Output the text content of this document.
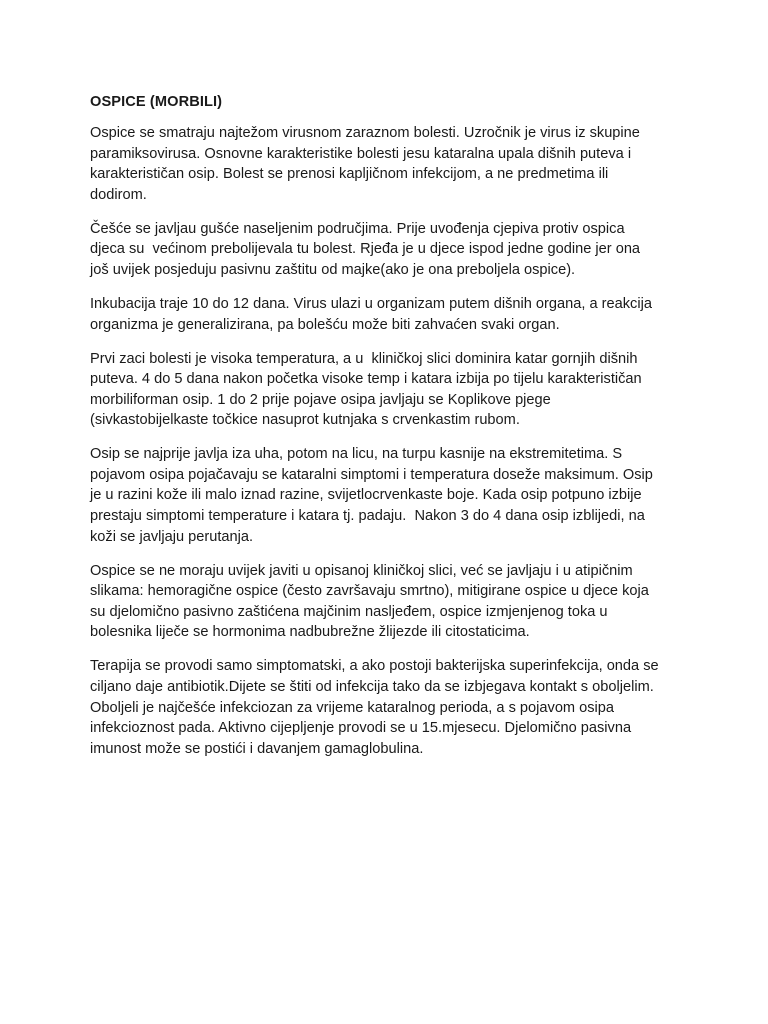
OSPICE (MORBILI)
Ospice se smatraju najtežom virusnom zaraznom bolesti. Uzročnik je virus iz skupine
paramiksovirusa. Osnovne karakteristike bolesti jesu kataralna upala dišnih puteva i
karakterističan osip. Bolest se prenosi kapljičnom infekcijom, a ne predmetima ili
dodirom.
Češće se javljau gušće naseljenim područjima. Prije uvođenja cjepiva protiv ospica
djeca su  većinom prebolijevala tu bolest. Rjeđa je u djece ispod jedne godine jer ona
još uvijek posjeduju pasivnu zaštitu od majke(ako je ona preboljela ospice).
Inkubacija traje 10 do 12 dana. Virus ulazi u organizam putem dišnih organa, a reakcija
organizma je generalizirana, pa bolešću može biti zahvaćen svaki organ.
Prvi zaci bolesti je visoka temperatura, a u  kliničkoj slici dominira katar gornjih dišnih
puteva. 4 do 5 dana nakon početka visoke temp i katara izbija po tijelu karakterističan
morbiliforman osip. 1 do 2 prije pojave osipa javljaju se Koplikove pjege
(sivkastobijelkaste točkice nasuprot kutnjaka s crvenkastim rubom.
Osip se najprije javlja iza uha, potom na licu, na turpu kasnije na ekstremitetima. S
pojavom osipa pojačavaju se kataralni simptomi i temperatura doseže maksimum. Osip
je u razini kože ili malo iznad razine, svijetlocrvenkaste boje. Kada osip potpuno izbije
prestaju simptomi temperature i katara tj. padaju.  Nakon 3 do 4 dana osip izblijedi, na
koži se javljaju perutanja.
Ospice se ne moraju uvijek javiti u opisanoj kliničkoj slici, već se javljaju i u atipičnim
slikama: hemoragične ospice (često završavaju smrtno), mitigirane ospice u djece koja
su djelomično pasivno zaštićena majčinim nasljeđem, ospice izmjenjenog toka u
bolesnika liječe se hormonima nadbubrežne žlijezde ili citostaticima.
Terapija se provodi samo simptomatski, a ako postoji bakterijska superinfekcija, onda se
ciljano daje antibiotik.Dijete se štiti od infekcija tako da se izbjegava kontakt s oboljelim.
Oboljeli je najčešće infekciozan za vrijeme kataralnog perioda, a s pojavom osipa
infekcioznost pada. Aktivno cijepljenje provodi se u 15.mjesecu. Djelomično pasivna
imunost može se postići i davanjem gamaglobulina.
